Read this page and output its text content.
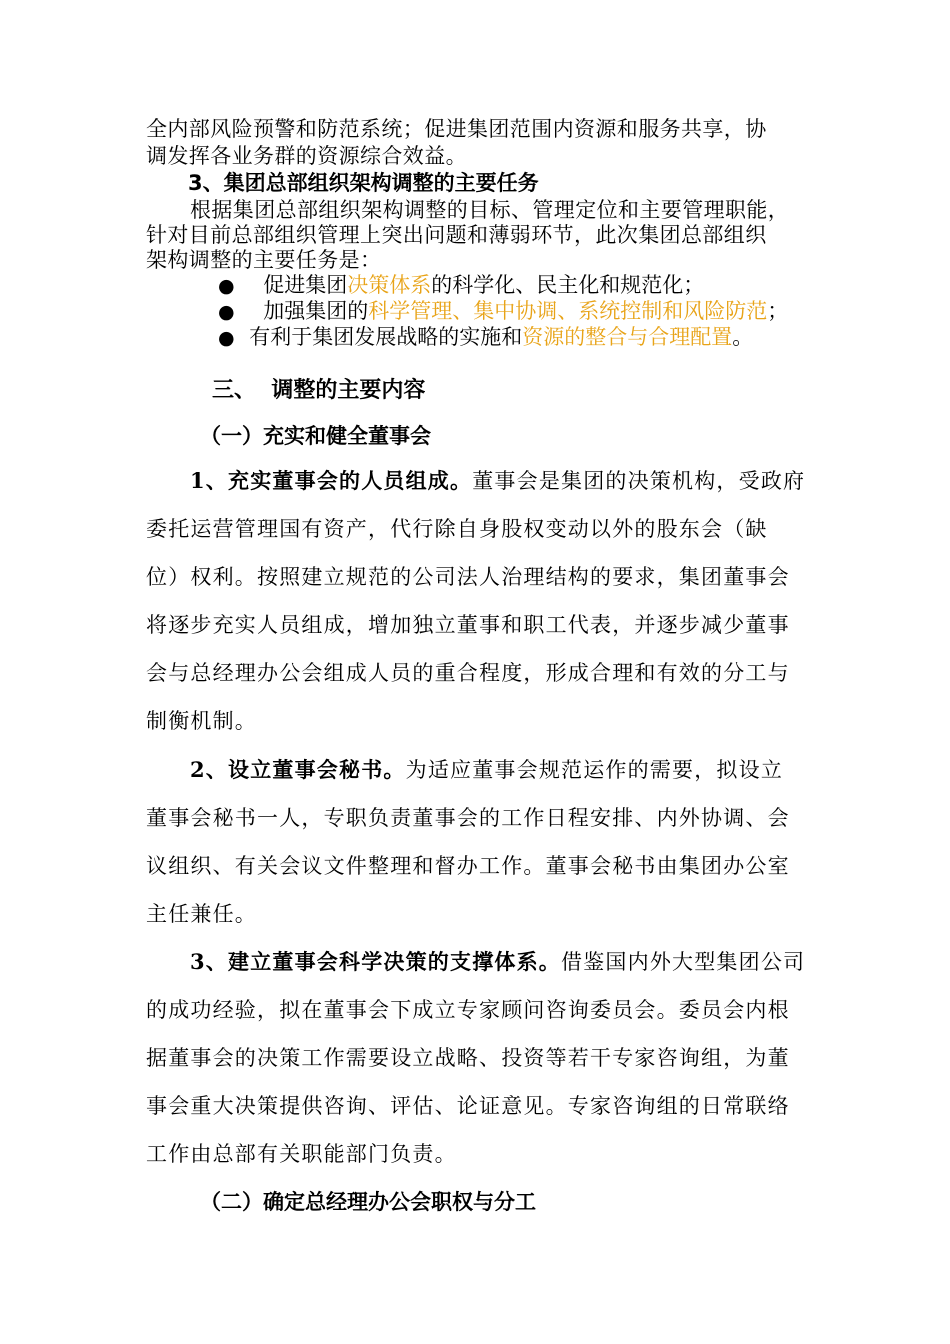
全内部风险预警和防范系统；促进集团范围内资源和服务共享，协
调发挥各业务群的资源综合效益。
3、集团总部组织架构调整的主要任务
根据集团总部组织架构调整的目标、管理定位和主要管理职能，
针对目前总部组织管理上突出问题和薄弱环节，此次集团总部组织
架构调整的主要任务是：
● 促进集团决策体系的科学化、民主化和规范化；
● 加强集团的科学管理、集中协调、系统控制和风险防范；
● 有利于集团发展战略的实施和资源的整合与合理配置。
三、  调整的主要内容
（一）充实和健全董事会
1、充实董事会的人员组成。董事会是集团的决策机构，受政府
委托运营管理国有资产，代行除自身股权变动以外的股东会（缺
位）权利。按照建立规范的公司法人治理结构的要求，集团董事会
将逐步充实人员组成，增加独立董事和职工代表，并逐步减少董事
会与总经理办公会组成人员的重合程度，形成合理和有效的分工与
制衡机制。
2、设立董事会秘书。为适应董事会规范运作的需要，拟设立
董事会秘书一人，专职负责董事会的工作日程安排、内外协调、会
议组织、有关会议文件整理和督办工作。董事会秘书由集团办公室
主任兼任。
3、建立董事会科学决策的支撑体系。借鉴国内外大型集团公司
的成功经验，拟在董事会下成立专家顾问咨询委员会。委员会内根
据董事会的决策工作需要设立战略、投资等若干专家咨询组，为董
事会重大决策提供咨询、评估、论证意见。专家咨询组的日常联络
工作由总部有关职能部门负责。
（二）确定总经理办公会职权与分工
